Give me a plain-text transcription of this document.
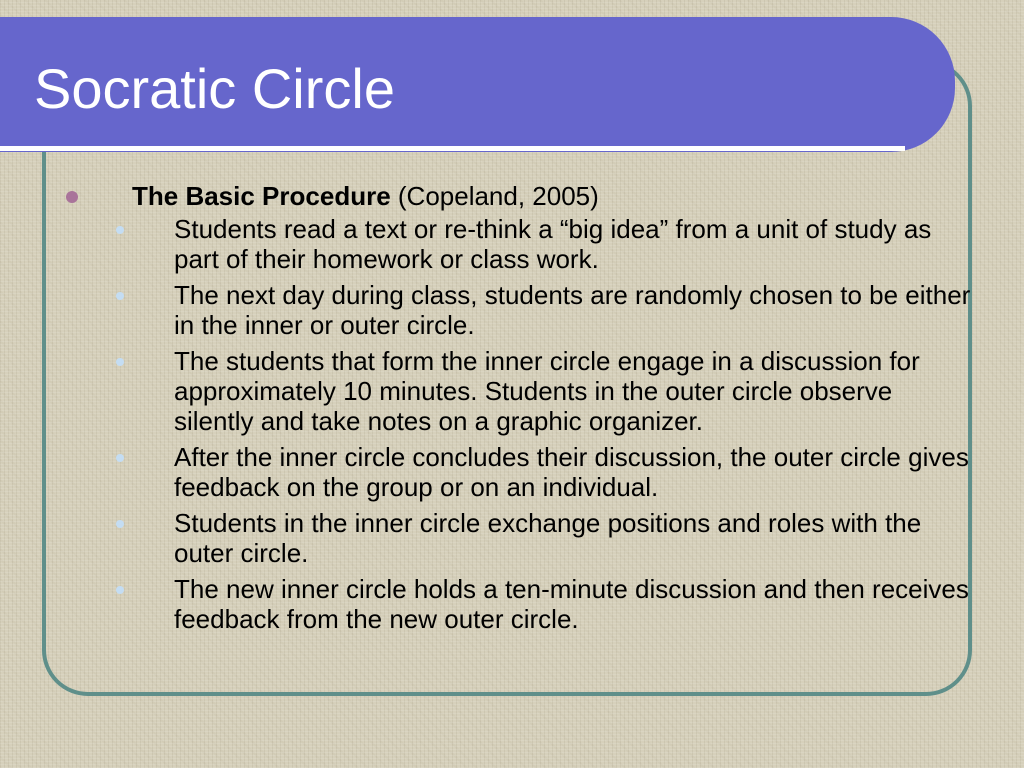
Socratic Circle
The Basic Procedure (Copeland, 2005)
Students read a text or re-think a “big idea” from a unit of study as part of their homework or class work.
The next day during class, students are randomly chosen to be either in the inner or outer circle.
The students that form the inner circle engage in a discussion for approximately 10 minutes. Students in the outer circle observe silently and take notes on a graphic organizer.
After the inner circle concludes their discussion, the outer circle gives feedback on the group or on an individual.
Students in the inner circle exchange positions and roles with the outer circle.
The new inner circle holds a ten-minute discussion and then receives feedback from the new outer circle.
